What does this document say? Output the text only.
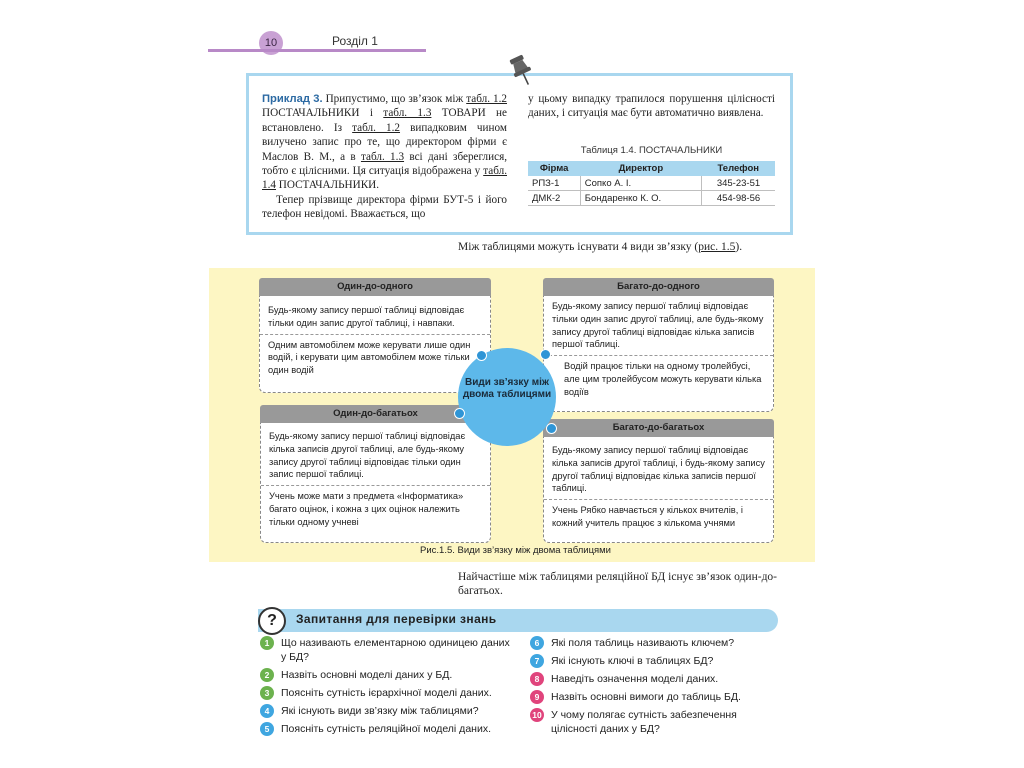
10	Розділ 1
Приклад 3. Припустимо, що зв’язок між табл. 1.2 ПОСТАЧАЛЬНИКИ і табл. 1.3 ТОВАРИ не встановлено. Із табл. 1.2 випадковим чином вилучено запис про те, що директором фірми є Маслов В. М., а в табл. 1.3 всі дані збереглися, тобто є цілісними. Ця ситуація відображена у табл. 1.4 ПОСТАЧАЛЬНИКИ.
Тепер прізвище директора фірми БУТ-5 і його телефон невідомі. Вважається, що
у цьому випадку трапилося порушення цілісності даних, і ситуація має бути автоматично виявлена.
Таблиця 1.4. ПОСТАЧАЛЬНИКИ
Фірма	Директор	Телефон
РПЗ-1	Сопко А. І.	345-23-51
ДМК-2	Бондаренко К. О.	454-98-56
Між таблицями можуть існувати 4 види зв’язку (рис. 1.5).
Один-до-одного
Будь-якому запису першої таблиці відповідає тільки один запис другої таблиці, і навпаки.
Одним автомобілем може керувати лише один водій, і керувати цим автомобілем може тільки один водій
Багато-до-одного
Будь-якому запису першої таблиці відповідає тільки один запис другої таблиці, але будь-якому запису другої таблиці відповідає кілька записів першої таблиці.
Водій працює тільки на одному тролейбусі, але цим тролейбусом можуть керувати кілька водіїв
Один-до-багатьох
Будь-якому запису першої таблиці відповідає кілька записів другої таблиці, але будь-якому запису другої таблиці відповідає тільки один запис першої таблиці.
Учень може мати з предмета «Інформатика» багато оцінок, і кожна з цих оцінок належить тільки одному учневі
Багато-до-багатьох
Будь-якому запису першої таблиці відповідає кілька записів другої таблиці, і будь-якому запису другої таблиці відповідає кілька записів першої таблиці.
Учень Рябко навчається у кількох вчителів, і кожний учитель працює з кількома учнями
Види зв’язку між двома таблицями
Рис.1.5. Види зв’язку між двома таблицями
Найчастіше між таблицями реляційної БД існує зв’язок один-до-багатьох.
?	Запитання для перевірки знань
1	Що називають елементарною одиницею даних у БД?
2	Назвіть основні моделі даних у БД.
3	Поясніть сутність ієрархічної моделі даних.
4	Які існують види зв’язку між таблицями?
5	Поясніть сутність реляційної моделі даних.
6	Які поля таблиць називають ключем?
7	Які існують ключі в таблицях БД?
8	Наведіть означення моделі даних.
9	Назвіть основні вимоги до таблиць БД.
10 У чому полягає сутність забезпечення цілісності даних у БД?
